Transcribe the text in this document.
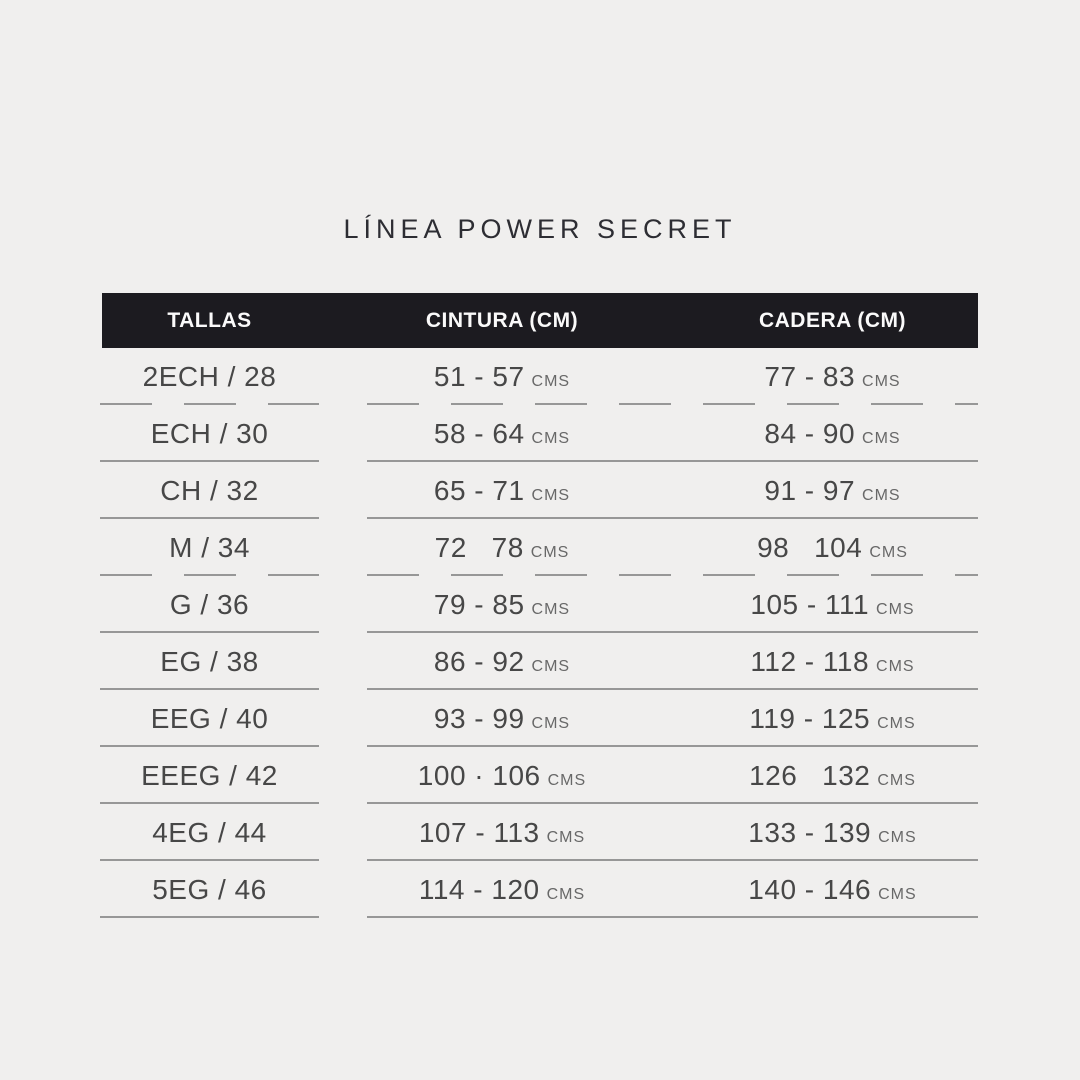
LÍNEA POWER SECRET
TALLAS	CINTURA (CM)	CADERA (CM)
2ECH / 28	51 - 57 CMS	77 - 83 CMS
ECH / 30	58 - 64 CMS	84 - 90 CMS
CH / 32	65 - 71 CMS	91 - 97 CMS
M / 34	72   78 CMS	98   104 CMS
G / 36	79 - 85 CMS	105 - 111 CMS
EG / 38	86 - 92 CMS	112 - 118 CMS
EEG / 40	93 - 99 CMS	119 - 125 CMS
EEEG / 42	100 · 106 CMS	126   132 CMS
4EG / 44	107 - 113 CMS	133 - 139 CMS
5EG / 46	114 - 120 CMS	140 - 146 CMS
